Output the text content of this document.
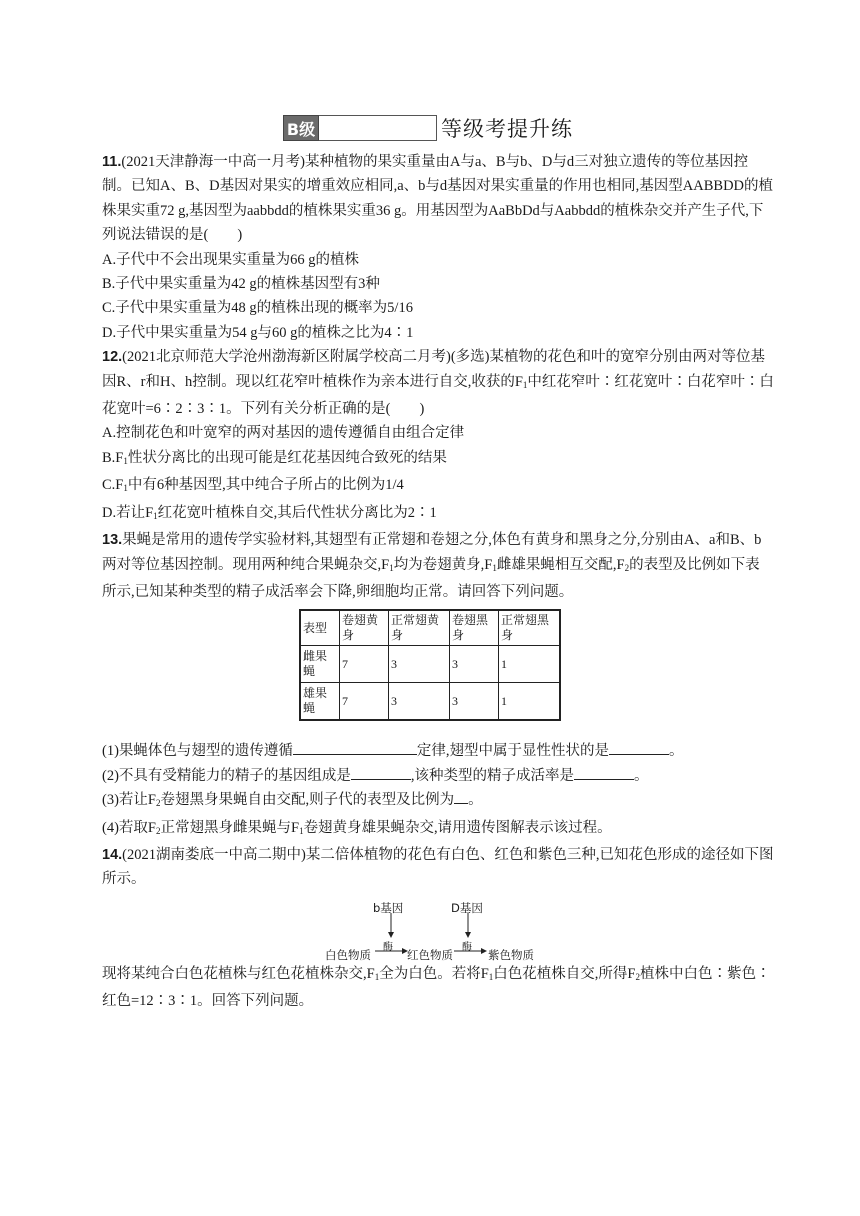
B级	等级考提升练

11.(2021天津静海一中高一月考)某种植物的果实重量由A与a、B与b、D与d三对独立遗传的等位基因控制。已知A、B、D基因对果实的增重效应相同,a、b与d基因对果实重量的作用也相同,基因型AABBDD的植株果实重72 g,基因型为aabbdd的植株果实重36 g。用基因型为AaBbDd与Aabbdd的植株杂交并产生子代,下列说法错误的是(　　)

A.子代中不会出现果实重量为66 g的植株

B.子代中果实重量为42 g的植株基因型有3种

C.子代中果实重量为48 g的植株出现的概率为5/16

D.子代中果实重量为54 g与60 g的植株之比为4∶1

12.(2021北京师范大学沧州渤海新区附属学校高二月考)(多选)某植物的花色和叶的宽窄分别由两对等位基因R、r和H、h控制。现以红花窄叶植株作为亲本进行自交,收获的$F_1$中红花窄叶∶红花宽叶∶白花窄叶∶白花宽叶=6∶2∶3∶1。下列有关分析正确的是(　　)

A.控制花色和叶宽窄的两对基因的遗传遵循自由组合定律

$B.F_1$性状分离比的出现可能是红花基因纯合致死的结果

$C.F_1$中有6种基因型,其中纯合子所占的比例为1/4

D.若让$F_1$红花宽叶植株自交,其后代性状分离比为2∶1

13.果蝇是常用的遗传学实验材料,其翅型有正常翅和卷翅之分,体色有黄身和黑身之分,分别由A、a和B、b两对等位基因控制。现用两种纯合果蝇杂交$,F_1$均为卷翅黄身$,F_1$雌雄果蝇相互交配$,F_2$的表型及比例如下表所示,已知某种类型的精子成活率会下降,卵细胞均正常。请回答下列问题。

表型	卷翅黄身	正常翅黄身	卷翅黑身	正常翅黑身
雌果蝇	7	3	3	1
雄果蝇	7	3	3	1

(1)果蝇体色与翅型的遗传遵循	定律,翅型中属于显性性状的是	。

(2)不具有受精能力的精子的基因组成是	,该种类型的精子成活率是	。

(3)若让$F_2$卷翅黑身果蝇自由交配,则子代的表型及比例为 。

(4)若取$F_2$正常翅黑身雌果蝇与$F_1$卷翅黄身雄果蝇杂交,请用遗传图解表示该过程。

14.(2021湖南娄底一中高二期中)某二倍体植物的花色有白色、红色和紫色三种,已知花色形成的途径如下图所示。

b基因	D基因
酶	酶
白色物质	红色物质	紫色物质

现将某纯合白色花植株与红色花植株杂交$,F_1$全为白色。若将$F_1$白色花植株自交,所得$F_2$植株中白色∶紫色∶红色=12∶3∶1。回答下列问题。
